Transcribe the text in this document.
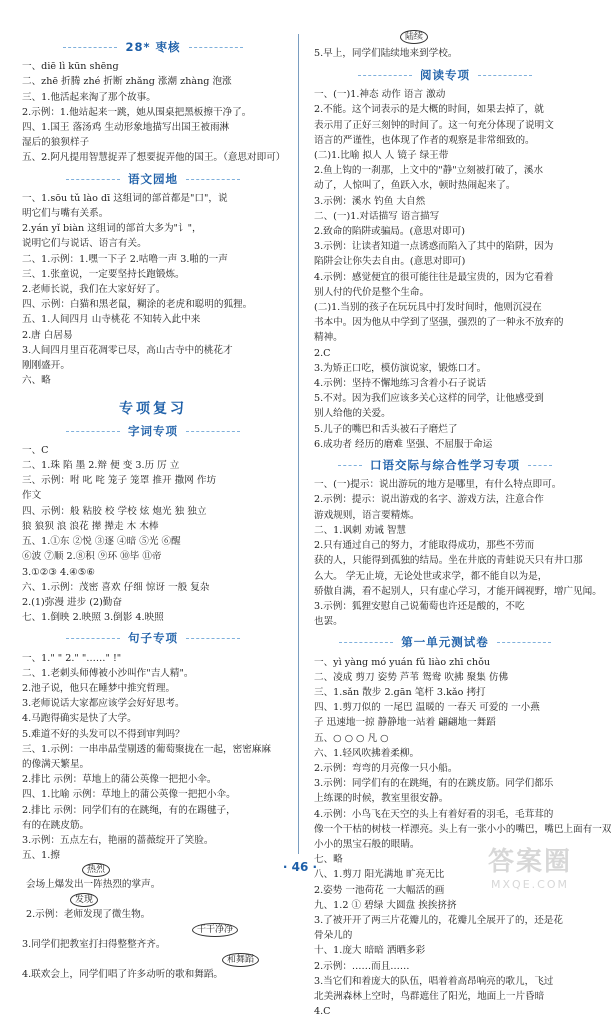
28* 枣核
一、diē lì kūn shēng
二、zhē 折腾 zhé 折断 zhǎng 涨潮 zhàng 泡涨
三、1.他活起来淘了那个故事。
2.示例：1.他站起来一跳，她从围桌把黑板擦干净了。
四、1.国王 落汤鸡 生动形象地描写出国王被雨淋
湿后的狼狈样子
五、2.阿凡提用智慧捉弄了想要捉弄他的国王。（意思对即可）
语文园地
一、1.sōu tǔ lào dī 这组词的部首都是"口"，说
明它们与嘴有关系。
2.yán yǐ biàn 这组词的部首大多为"讠"，
说明它们与说话、语言有关。
二、1.示例：1.嘿一下子 2.咕噜一声 3.啪的一声
三、1.张童说，一定要坚持长跑锻炼。
2.老师长说，我们在大家好好了。
四、示例：白猫和黑老鼠，糊涂的老虎和聪明的狐狸。
五、1.人间四月 山寺桃花 不知转入此中来
2.唐 白居易
3.人间四月里百花凋零已尽，高山古寺中的桃花才
刚刚盛开。
六、略
专项复习
字词专项
一、C
二、1.珠 陷 墨 2.辩 便 变 3.历 厉 立
三、示例：咐 叱 咤 笼子 笼罩 推开 撒网 作坊
作文
四、示例：般 粘胶 校 学校 炫 炮光 独 独立
狼 狼狈 浪 浪花 撵 撵走 木 木棒
五、1.①东 ②悦 ③逐 ④暗 ⑤光 ⑥醒
⑥波 ⑦顺 2.⑧积 ⑨环 ⑩毕 ⑪帝
3.①②③ 4.④⑤⑥
六、1.示例：茂密 喜欢 仔细 惊讶 一般 复杂
2.(1)弥漫 进步 (2)勤奋
七、1.倒映 2.映照 3.倒影 4.映照
句子专项
一、1." " 2." "……" !"
二、1.老刺头师傅被小沙叫作"吉人精"。
2.池子说，他只在睡梦中推究哲理。
3.老师说话大家都应该学会好好思考。
4.马跑得确实是快了大学。
5.难道不好的头发可以不得到审判吗？
三、1.示例：一串串晶莹剔透的葡萄聚拢在一起，密密麻麻
的像满天繁星。
2.排比 示例：草地上的蒲公英像一把把小伞。
四、1.比喻 示例：草地上的蒲公英像一把把小伞。
2.排比 示例：同学们有的在跳绳，有的在踢毽子，
有的在跳皮筋。
3.示例：五点左右，艳丽的蔷薇绽开了笑脸。
五、1.擦
热烈
会场上爆发出一阵热烈的掌声。
发现
2.示例：老师发现了微生物。
干干净净
3.同学们把教室打扫得整整齐齐。
和舞蹈
4.联欢会上，同学们唱了许多动听的歌和舞蹈。
陆续
5.早上，同学们陆续地来到学校。
阅读专项
一、(一)1.神态 动作 语言 激动
2.不能。这个词表示的是大概的时间，如果去掉了，就
表示用了正好三刻钟的时间了。这一句充分体现了说明文
语言的严谨性，也体现了作者的观察是非常细致的。
(二)1.比喻 拟人 人 镜子 绿王带
2.鱼上钩的一刹那，上文中的"静"立刻被打破了，溪水
动了，人惊叫了，鱼跃入水，顿时热闹起来了。
3.示例：溪水 钓鱼 大自然
二、(一)1.对话描写 语言描写
2.致命的陷阱或骗局。(意思对即可)
3.示例：让读者知道一点诱惑而陷入了其中的陷阱，因为
陷阱会让你失去自由。(意思对即可)
4.示例：感觉便宜的很可能往往是最宝贵的，因为它看着
别人付的代价是整个生命。
(二)1.当别的孩子在玩玩具中打发时间时，他则沉浸在
书本中。因为他从中学到了坚强，强烈的了一种永不放弃的
精神。
2.C
3.为矫正口吃，模仿演说家，锻炼口才。
4.示例：坚持不懈地练习含着小石子说话
5.不对。因为我们应该多关心这样的同学，让他感受到
别人给他的关爱。
5.儿子的嘴巴和舌头被石子磨烂了
6.成功者 经历的磨难 坚强、不屈服于命运
口语交际与综合性学习专项
一、(一)提示：说出游玩的地方是哪里，有什么特点即可。
2.示例：提示：说出游戏的名字、游戏方法，注意合作
游戏规则，语言要精炼。
二、1.讽刺 劝诫 智慧
2.只有通过自己的努力，才能取得成功，那些不劳而
获的人，只能得到孤独的结局。坐在井底的青蛙说天只有井口那
么大。 学无止境，无论处世或求学，都不能自以为是，
骄傲自满，看不起别人，只有虚心学习，才能开阔视野，增广见闻。
3.示例：狐狸安慰自己说葡萄也许还是酸的，不吃
也罢。
第一单元测试卷
一、yì yàng mó yuán fǔ liào zhī chǒu
二、凌成 剪刀 姿势 芦苇 鸳鸯 吹拂 聚集 仿佛
三、1.sǎn 散步 2.gān 笔杆 3.kǎo 拷打
四、1.剪刀似的 一尾巴 温暖的 一春天 可爱的 一小燕
子 迅速地一掠 静静地一站着 翩翩地一舞蹈
五、○ ○ ○ 凡 ○
六、1.轻风吹拂着柔柳。
2.示例：弯弯的月亮像一只小船。
3.示例：同学们有的在跳绳，有的在跳皮筋。同学们都乐
上练课的时候，教室里很安静。
4.示例：小鸟飞在天空的头上有着好看的羽毛，毛茸茸的
像一个干枯的树枝一样漂亮。头上有一张小小的嘴巴，嘴巴上面有一双
小小的黑宝石般的眼睛。
七、略
八、1.剪刀 阳光满地 旷亮无比
2.姿势 一池荷花 一大幅活的画
九、1.2 ① 碧绿 大圆盘 挨挨挤挤
3.了被开开了两三片花瓣儿的，花瓣儿全展开了的，还是花
骨朵儿的
十、1.庞大 暗暗 洒晒多彩
2.示例：……而且……
3.当它们和着庞大的队伍，唱着着高昂响亮的歌儿，飞过
北美洲森林上空时，鸟群遮住了阳光，地面上一片昏暗
4.C
· 46 ·	答案圈
MXQE.COM
